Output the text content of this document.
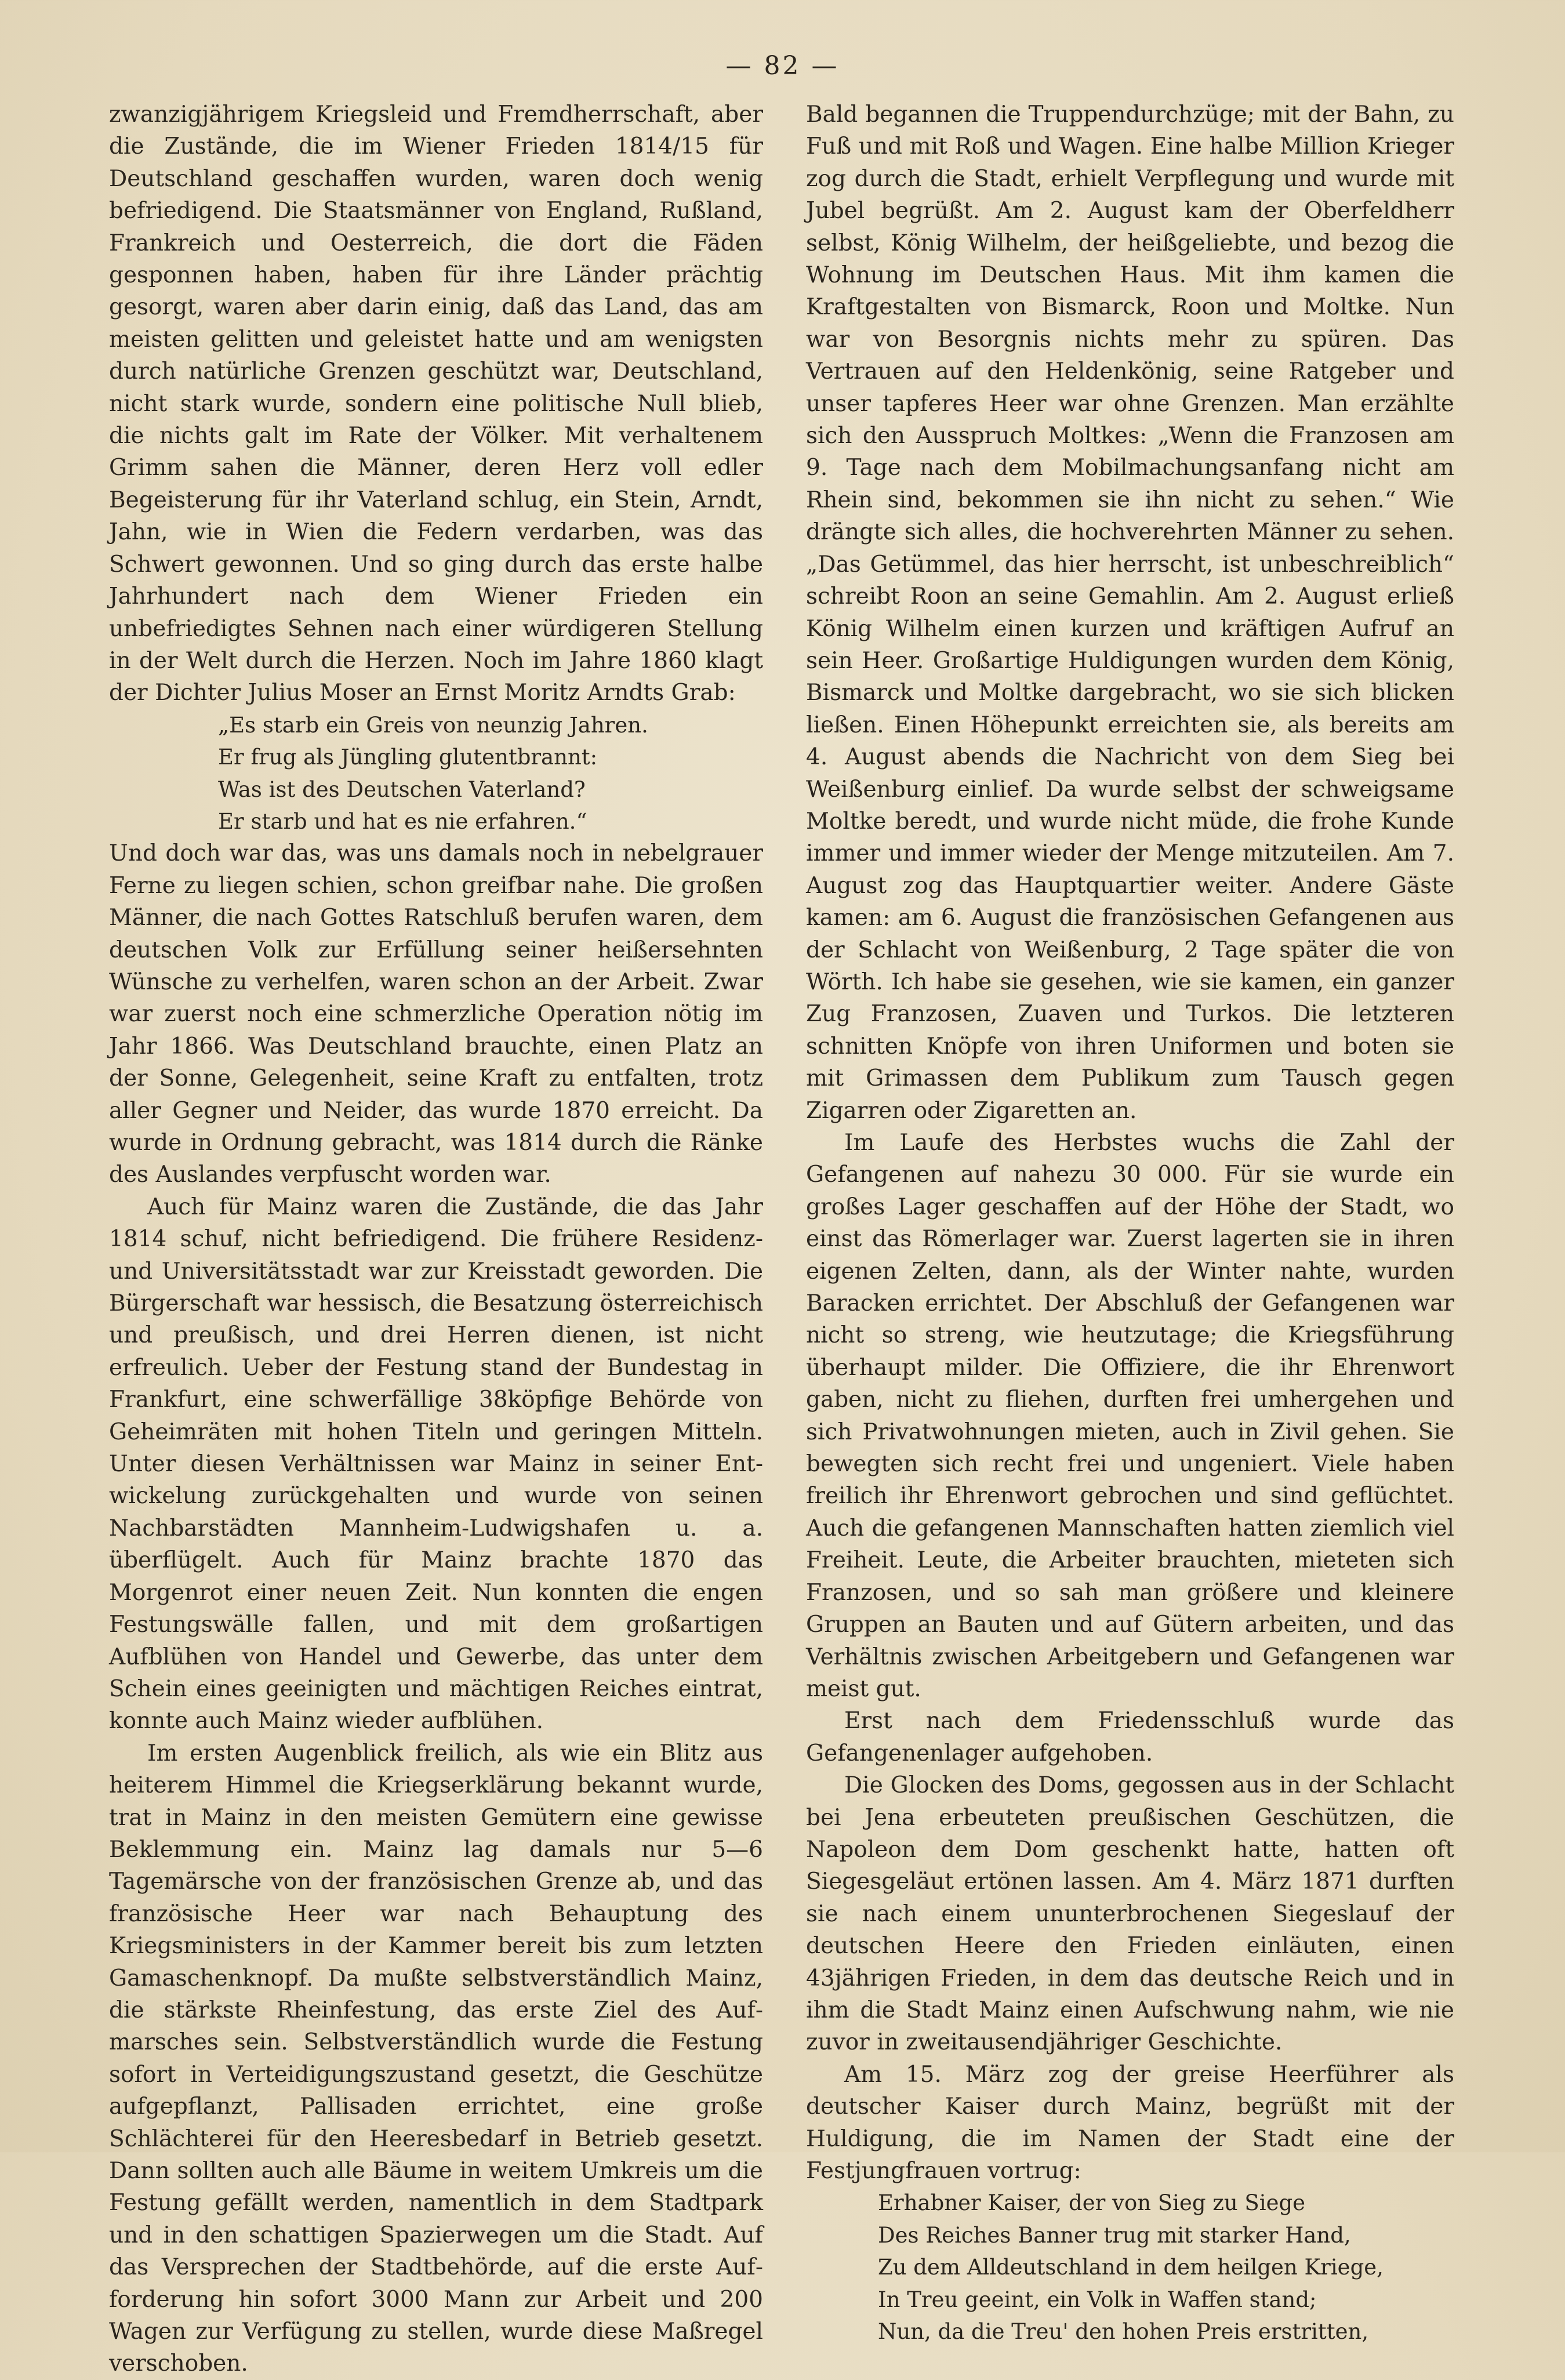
— 82 —

zwanzigjährigem Kriegsleid und Fremdherrschaft, aber die Zustände, die im Wiener Frieden 1814/15 für Deutschland geschaffen wurden, waren doch wenig befriedigend. Die Staatsmänner von England, Rußland, Frankreich und Oesterreich, die dort die Fäden gesponnen haben, haben für ihre Länder prächtig gesorgt, waren aber darin einig, daß das Land, das am meisten gelitten und geleistet hatte und am wenigsten durch natürliche Grenzen geschützt war, Deutschland, nicht stark wurde, sondern eine politische Null blieb, die nichts galt im Rate der Völker. Mit verhaltenem Grimm sahen die Männer, deren Herz voll edler Begeisterung für ihr Vaterland schlug, ein Stein, Arndt, Jahn, wie in Wien die Federn verdarben, was das Schwert gewonnen. Und so ging durch das erste halbe Jahrhundert nach dem Wiener Frieden ein unbefriedigtes Sehnen nach einer würdigeren Stellung in der Welt durch die Herzen. Noch im Jahre 1860 klagt der Dichter Julius Moser an Ernst Moritz Arndts Grab:

„Es starb ein Greis von neunzig Jahren.
Er frug als Jüngling glutentbrannt:
Was ist des Deutschen Vaterland?
Er starb und hat es nie erfahren.“

Und doch war das, was uns damals noch in nebelgrauer Ferne zu liegen schien, schon greifbar nahe. Die großen Männer, die nach Gottes Ratschluß berufen waren, dem deutschen Volk zur Erfüllung seiner heißersehnten Wünsche zu verhelfen, waren schon an der Arbeit. Zwar war zuerst noch eine schmerzliche Operation nötig im Jahr 1866. Was Deutschland brauchte, einen Platz an der Sonne, Gelegenheit, seine Kraft zu entfalten, trotz aller Gegner und Neider, das wurde 1870 erreicht. Da wurde in Ordnung gebracht, was 1814 durch die Ränke des Auslandes verpfuscht worden war.

Auch für Mainz waren die Zustände, die das Jahr 1814 schuf, nicht befriedigend. Die frühere Residenz- und Universitätsstadt war zur Kreisstadt geworden. Die Bürgerschaft war hessisch, die Besatzung österreichisch und preußisch, und drei Herren dienen, ist nicht erfreulich. Ueber der Festung stand der Bundestag in Frankfurt, eine schwerfällige 38köpfige Behörde von Geheimräten mit hohen Titeln und geringen Mitteln. Unter diesen Verhältnissen war Mainz in seiner Entwickelung zurückgehalten und wurde von seinen Nachbarstädten Mannheim-Ludwigshafen u. a. überflügelt. Auch für Mainz brachte 1870 das Morgenrot einer neuen Zeit. Nun konnten die engen Festungswälle fallen, und mit dem großartigen Aufblühen von Handel und Gewerbe, das unter dem Schein eines geeinigten und mächtigen Reiches eintrat, konnte auch Mainz wieder aufblühen.

Im ersten Augenblick freilich, als wie ein Blitz aus heiterem Himmel die Kriegserklärung bekannt wurde, trat in Mainz in den meisten Gemütern eine gewisse Beklemmung ein. Mainz lag damals nur 5—6 Tagemärsche von der französischen Grenze ab, und das französische Heer war nach Behauptung des Kriegsministers in der Kammer bereit bis zum letzten Gamaschenknopf. Da mußte selbstverständlich Mainz, die stärkste Rheinfestung, das erste Ziel des Aufmarsches sein. Selbstverständlich wurde die Festung sofort in Verteidigungszustand gesetzt, die Geschütze aufgepflanzt, Pallisaden errichtet, eine große Schlächterei für den Heeresbedarf in Betrieb gesetzt. Dann sollten auch alle Bäume in weitem Umkreis um die Festung gefällt werden, namentlich in dem Stadtpark und in den schattigen Spazierwegen um die Stadt. Auf das Versprechen der Stadtbehörde, auf die erste Aufforderung hin sofort 3000 Mann zur Arbeit und 200 Wagen zur Verfügung zu stellen, wurde diese Maßregel verschoben.

Bald begannen die Truppendurchzüge; mit der Bahn, zu Fuß und mit Roß und Wagen. Eine halbe Million Krieger zog durch die Stadt, erhielt Verpflegung und wurde mit Jubel begrüßt. Am 2. August kam der Oberfeldherr selbst, König Wilhelm, der heißgeliebte, und bezog die Wohnung im Deutschen Haus. Mit ihm kamen die Kraftgestalten von Bismarck, Roon und Moltke. Nun war von Besorgnis nichts mehr zu spüren. Das Vertrauen auf den Heldenkönig, seine Ratgeber und unser tapferes Heer war ohne Grenzen. Man erzählte sich den Ausspruch Moltkes: „Wenn die Franzosen am 9. Tage nach dem Mobilmachungsanfang nicht am Rhein sind, bekommen sie ihn nicht zu sehen.“ Wie drängte sich alles, die hochverehrten Männer zu sehen. „Das Getümmel, das hier herrscht, ist unbeschreiblich“ schreibt Roon an seine Gemahlin. Am 2. August erließ König Wilhelm einen kurzen und kräftigen Aufruf an sein Heer. Großartige Huldigungen wurden dem König, Bismarck und Moltke dargebracht, wo sie sich blicken ließen. Einen Höhepunkt erreichten sie, als bereits am 4. August abends die Nachricht von dem Sieg bei Weißenburg einlief. Da wurde selbst der schweigsame Moltke beredt, und wurde nicht müde, die frohe Kunde immer und immer wieder der Menge mitzuteilen. Am 7. August zog das Hauptquartier weiter. Andere Gäste kamen: am 6. August die französischen Gefangenen aus der Schlacht von Weißenburg, 2 Tage später die von Wörth. Ich habe sie gesehen, wie sie kamen, ein ganzer Zug Franzosen, Zuaven und Turkos. Die letzteren schnitten Knöpfe von ihren Uniformen und boten sie mit Grimassen dem Publikum zum Tausch gegen Zigarren oder Zigaretten an.

Im Laufe des Herbstes wuchs die Zahl der Gefangenen auf nahezu 30 000. Für sie wurde ein großes Lager geschaffen auf der Höhe der Stadt, wo einst das Römerlager war. Zuerst lagerten sie in ihren eigenen Zelten, dann, als der Winter nahte, wurden Baracken errichtet. Der Abschluß der Gefangenen war nicht so streng, wie heutzutage; die Kriegsführung überhaupt milder. Die Offiziere, die ihr Ehrenwort gaben, nicht zu fliehen, durften frei umhergehen und sich Privatwohnungen mieten, auch in Zivil gehen. Sie bewegten sich recht frei und ungeniert. Viele haben freilich ihr Ehrenwort gebrochen und sind geflüchtet. Auch die gefangenen Mannschaften hatten ziemlich viel Freiheit. Leute, die Arbeiter brauchten, mieteten sich Franzosen, und so sah man größere und kleinere Gruppen an Bauten und auf Gütern arbeiten, und das Verhältnis zwischen Arbeitgebern und Gefangenen war meist gut.

Erst nach dem Friedensschluß wurde das Gefangenenlager aufgehoben.

Die Glocken des Doms, gegossen aus in der Schlacht bei Jena erbeuteten preußischen Geschützen, die Napoleon dem Dom geschenkt hatte, hatten oft Siegesgeläut ertönen lassen. Am 4. März 1871 durften sie nach einem ununterbrochenen Siegeslauf der deutschen Heere den Frieden einläuten, einen 43jährigen Frieden, in dem das deutsche Reich und in ihm die Stadt Mainz einen Aufschwung nahm, wie nie zuvor in zweitausendjähriger Geschichte.

Am 15. März zog der greise Heerführer als deutscher Kaiser durch Mainz, begrüßt mit der Huldigung, die im Namen der Stadt eine der Festjungfrauen vortrug:

Erhabner Kaiser, der von Sieg zu Siege
Des Reiches Banner trug mit starker Hand,
Zu dem Alldeutschland in dem heilgen Kriege,
In Treu geeint, ein Volk in Waffen stand;
Nun, da die Treu' den hohen Preis erstritten,
